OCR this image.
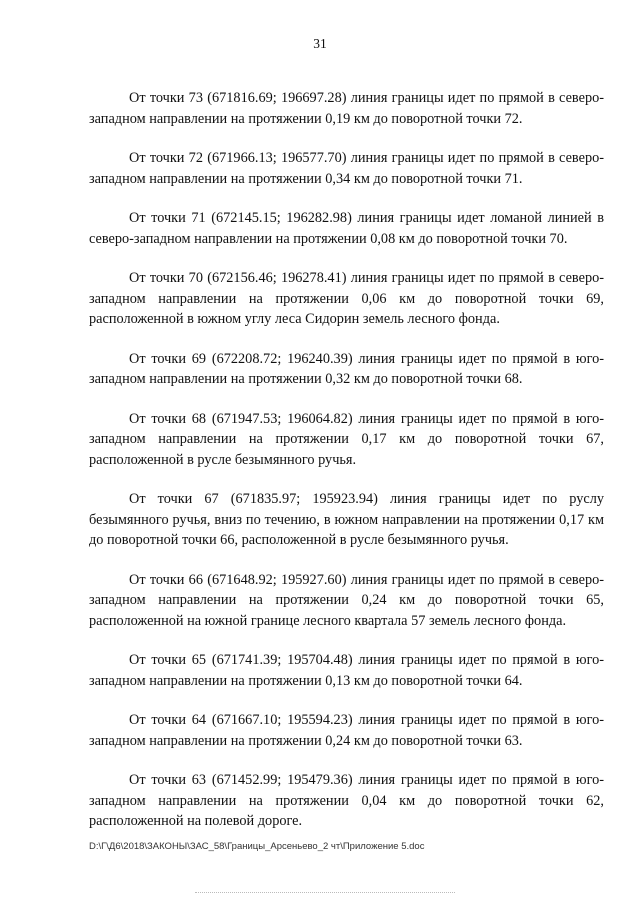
31

От точки 73 (671816.69; 196697.28) линия границы идет по прямой в северо-западном направлении на протяжении 0,19 км до поворотной точки 72.

От точки 72 (671966.13; 196577.70) линия границы идет по прямой в северо-западном направлении на протяжении 0,34 км до поворотной точки 71.

От точки 71 (672145.15; 196282.98) линия границы идет ломаной линией в северо-западном направлении на протяжении 0,08 км до поворотной точки 70.

От точки 70 (672156.46; 196278.41) линия границы идет по прямой в северо-западном направлении на протяжении 0,06 км до поворотной точки 69, расположенной в южном углу леса Сидорин земель лесного фонда.

От точки 69 (672208.72; 196240.39) линия границы идет по прямой в юго-западном направлении на протяжении 0,32 км до поворотной точки 68.

От точки 68 (671947.53; 196064.82) линия границы идет по прямой в юго-западном направлении на протяжении 0,17 км до поворотной точки 67, расположенной в русле безымянного ручья.

От точки 67 (671835.97; 195923.94) линия границы идет по руслу безымянного ручья, вниз по течению, в южном направлении на протяжении 0,17 км до поворотной точки 66, расположенной в русле безымянного ручья.

От точки 66 (671648.92; 195927.60) линия границы идет по прямой в северо-западном направлении на протяжении 0,24 км до поворотной точки 65, расположенной на южной границе лесного квартала 57 земель лесного фонда.

От точки 65 (671741.39; 195704.48) линия границы идет по прямой в юго-западном направлении на протяжении 0,13 км до поворотной точки 64.

От точки 64 (671667.10; 195594.23) линия границы идет по прямой в юго-западном направлении на протяжении 0,24 км до поворотной точки 63.

От точки 63 (671452.99; 195479.36) линия границы идет по прямой в юго-западном направлении на протяжении 0,04 км до поворотной точки 62, расположенной на полевой дороге.

D:\Г\Д6\2018\ЗАКОНЫ\ЗАС_58\Границы_Арсеньево_2 чт\Приложение 5.doc
